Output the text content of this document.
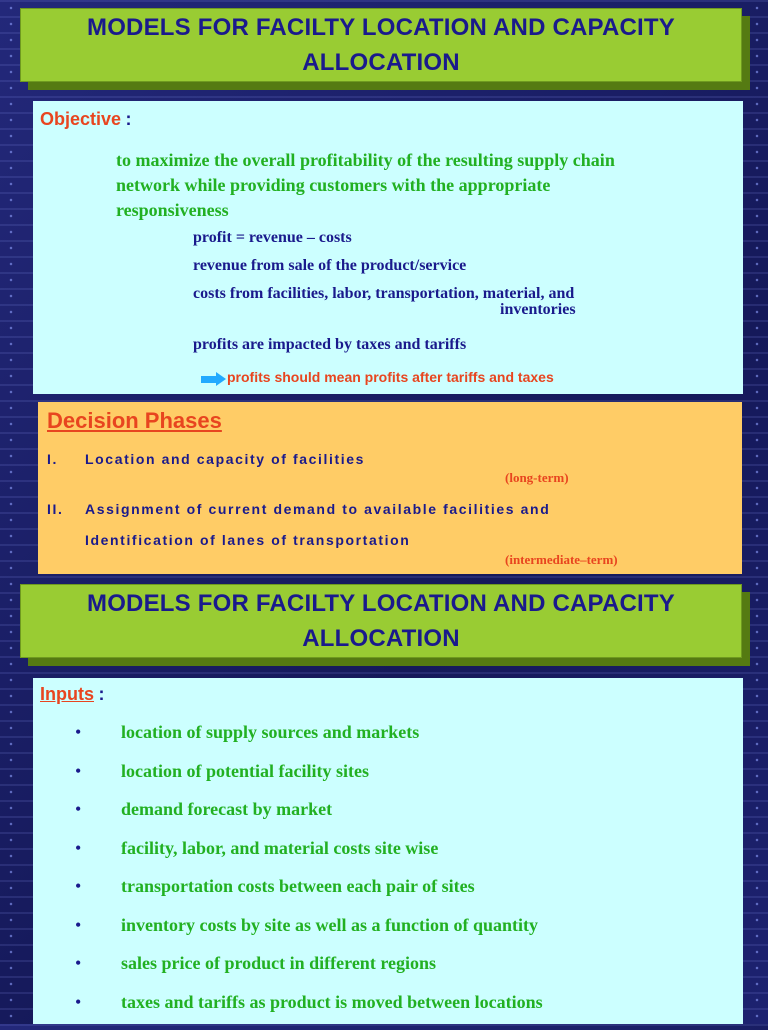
MODELS FOR FACILTY LOCATION AND CAPACITY
ALLOCATION
Objective :
to maximize the overall profitability of the resulting supply chain
network while providing customers with the appropriate
responsiveness
profit = revenue – costs
revenue from sale of the product/service
costs from facilities, labor, transportation, material, and
inventories
profits are impacted by taxes and tariffs
profits should mean profits after tariffs and taxes
Decision Phases
I. Location and capacity of facilities
(long-term)
II. Assignment of current demand to available facilities and
Identification of lanes of transportation
(intermediate–term)
MODELS FOR FACILTY LOCATION AND CAPACITY
ALLOCATION
Inputs :
• location of supply sources and markets
• location of potential facility sites
• demand forecast by market
• facility, labor, and material costs site wise
• transportation costs between each pair of sites
• inventory costs by site as well as a function of quantity
• sales price of product in different regions
• taxes and tariffs as product is moved between locations
